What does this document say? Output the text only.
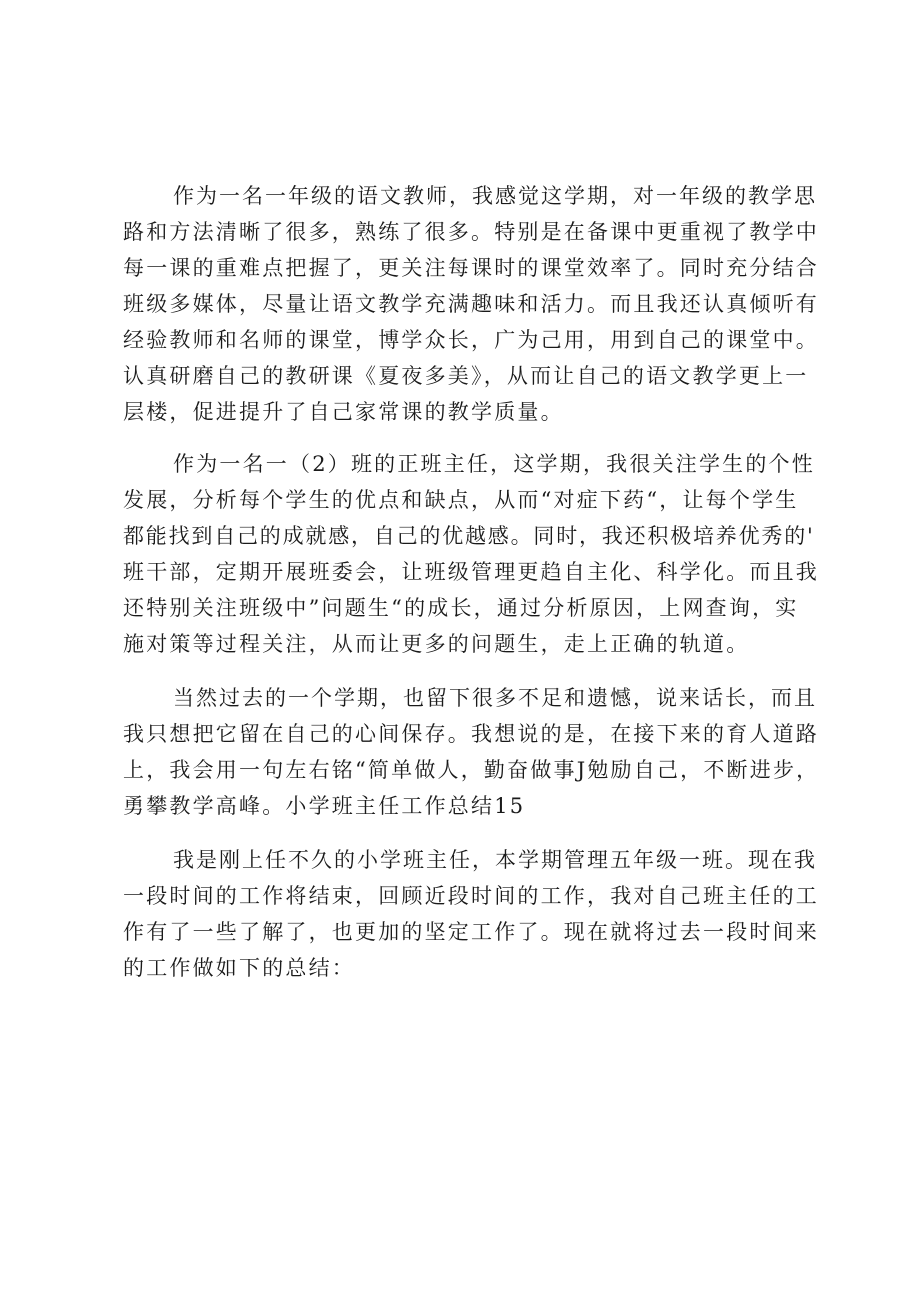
作为一名一年级的语文教师，我感觉这学期，对一年级的教学思
路和方法清晰了很多，熟练了很多。特别是在备课中更重视了教学中
每一课的重难点把握了，更关注每课时的课堂效率了。同时充分结合
班级多媒体，尽量让语文教学充满趣味和活力。而且我还认真倾听有
经验教师和名师的课堂，博学众长，广为己用，用到自己的课堂中。
认真研磨自己的教研课《夏夜多美》，从而让自己的语文教学更上一
层楼，促进提升了自己家常课的教学质量。
作为一名一（2）班的正班主任，这学期，我很关注学生的个性
发展，分析每个学生的优点和缺点，从而“对症下药“，让每个学生
都能找到自己的成就感，自己的优越感。同时，我还积极培养优秀的'
班干部，定期开展班委会，让班级管理更趋自主化、科学化。而且我
还特别关注班级中”问题生“的成长，通过分析原因，上网查询，实
施对策等过程关注，从而让更多的问题生，走上正确的轨道。
当然过去的一个学期，也留下很多不足和遗憾，说来话长，而且
我只想把它留在自己的心间保存。我想说的是，在接下来的育人道路
上，我会用一句左右铭“简单做人，勤奋做事J勉励自己，不断进步，
勇攀教学高峰。小学班主任工作总结15
我是刚上任不久的小学班主任，本学期管理五年级一班。现在我
一段时间的工作将结束，回顾近段时间的工作，我对自己班主任的工
作有了一些了解了，也更加的坚定工作了。现在就将过去一段时间来
的工作做如下的总结：
